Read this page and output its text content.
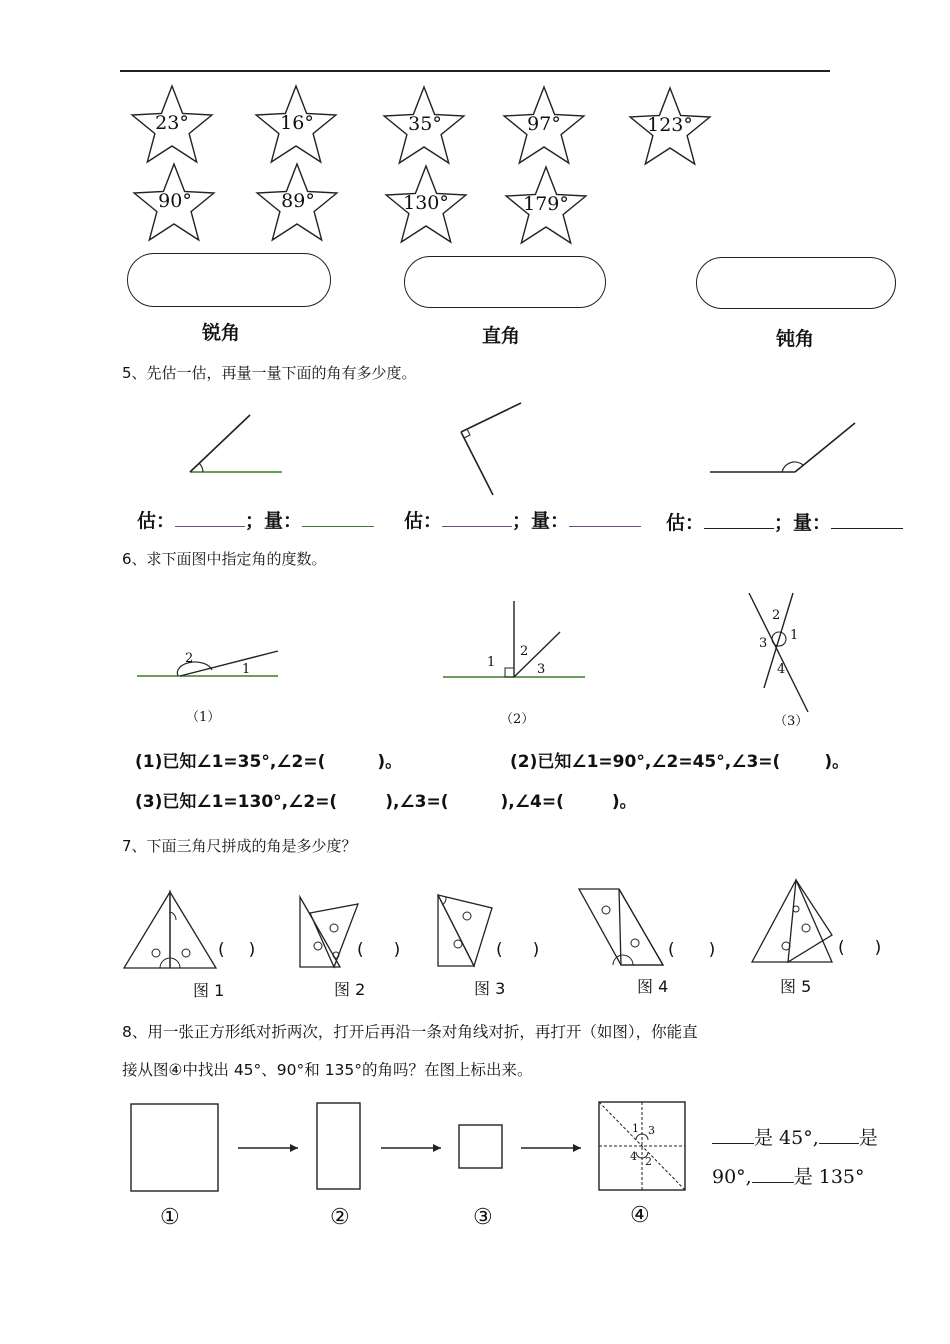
23°	16°	35°	97°	123°
90°	89°	130°	179°
锐角	直角	钝角
5、先估一估，再量一量下面的角有多少度。
估：	；量：	估：	；量：	估：	；量：
6、求下面图中指定角的度数。
2
1	1
2
3
2
3
1
4
（1）	（2）	（3）
(1)已知∠1=35°,∠2=(	)。	(2)已知∠1=90°,∠2=45°,∠3=(	)。
(3)已知∠1=130°,∠2=(	),∠3=(	),∠4=(	)。
7、下面三角尺拼成的角是多少度？
( )	( )	( )	( )	( )
图 1	图 2	图 3	图 4	图 5
8、用一张正方形纸对折两次，打开后再沿一条对角线对折，再打开（如图），你能直
接从图④中找出 45°、90°和 135°的角吗？在图上标出来。
1 3
4 2
①	②	③	④
是 45°, 是
90°, 是 135°
